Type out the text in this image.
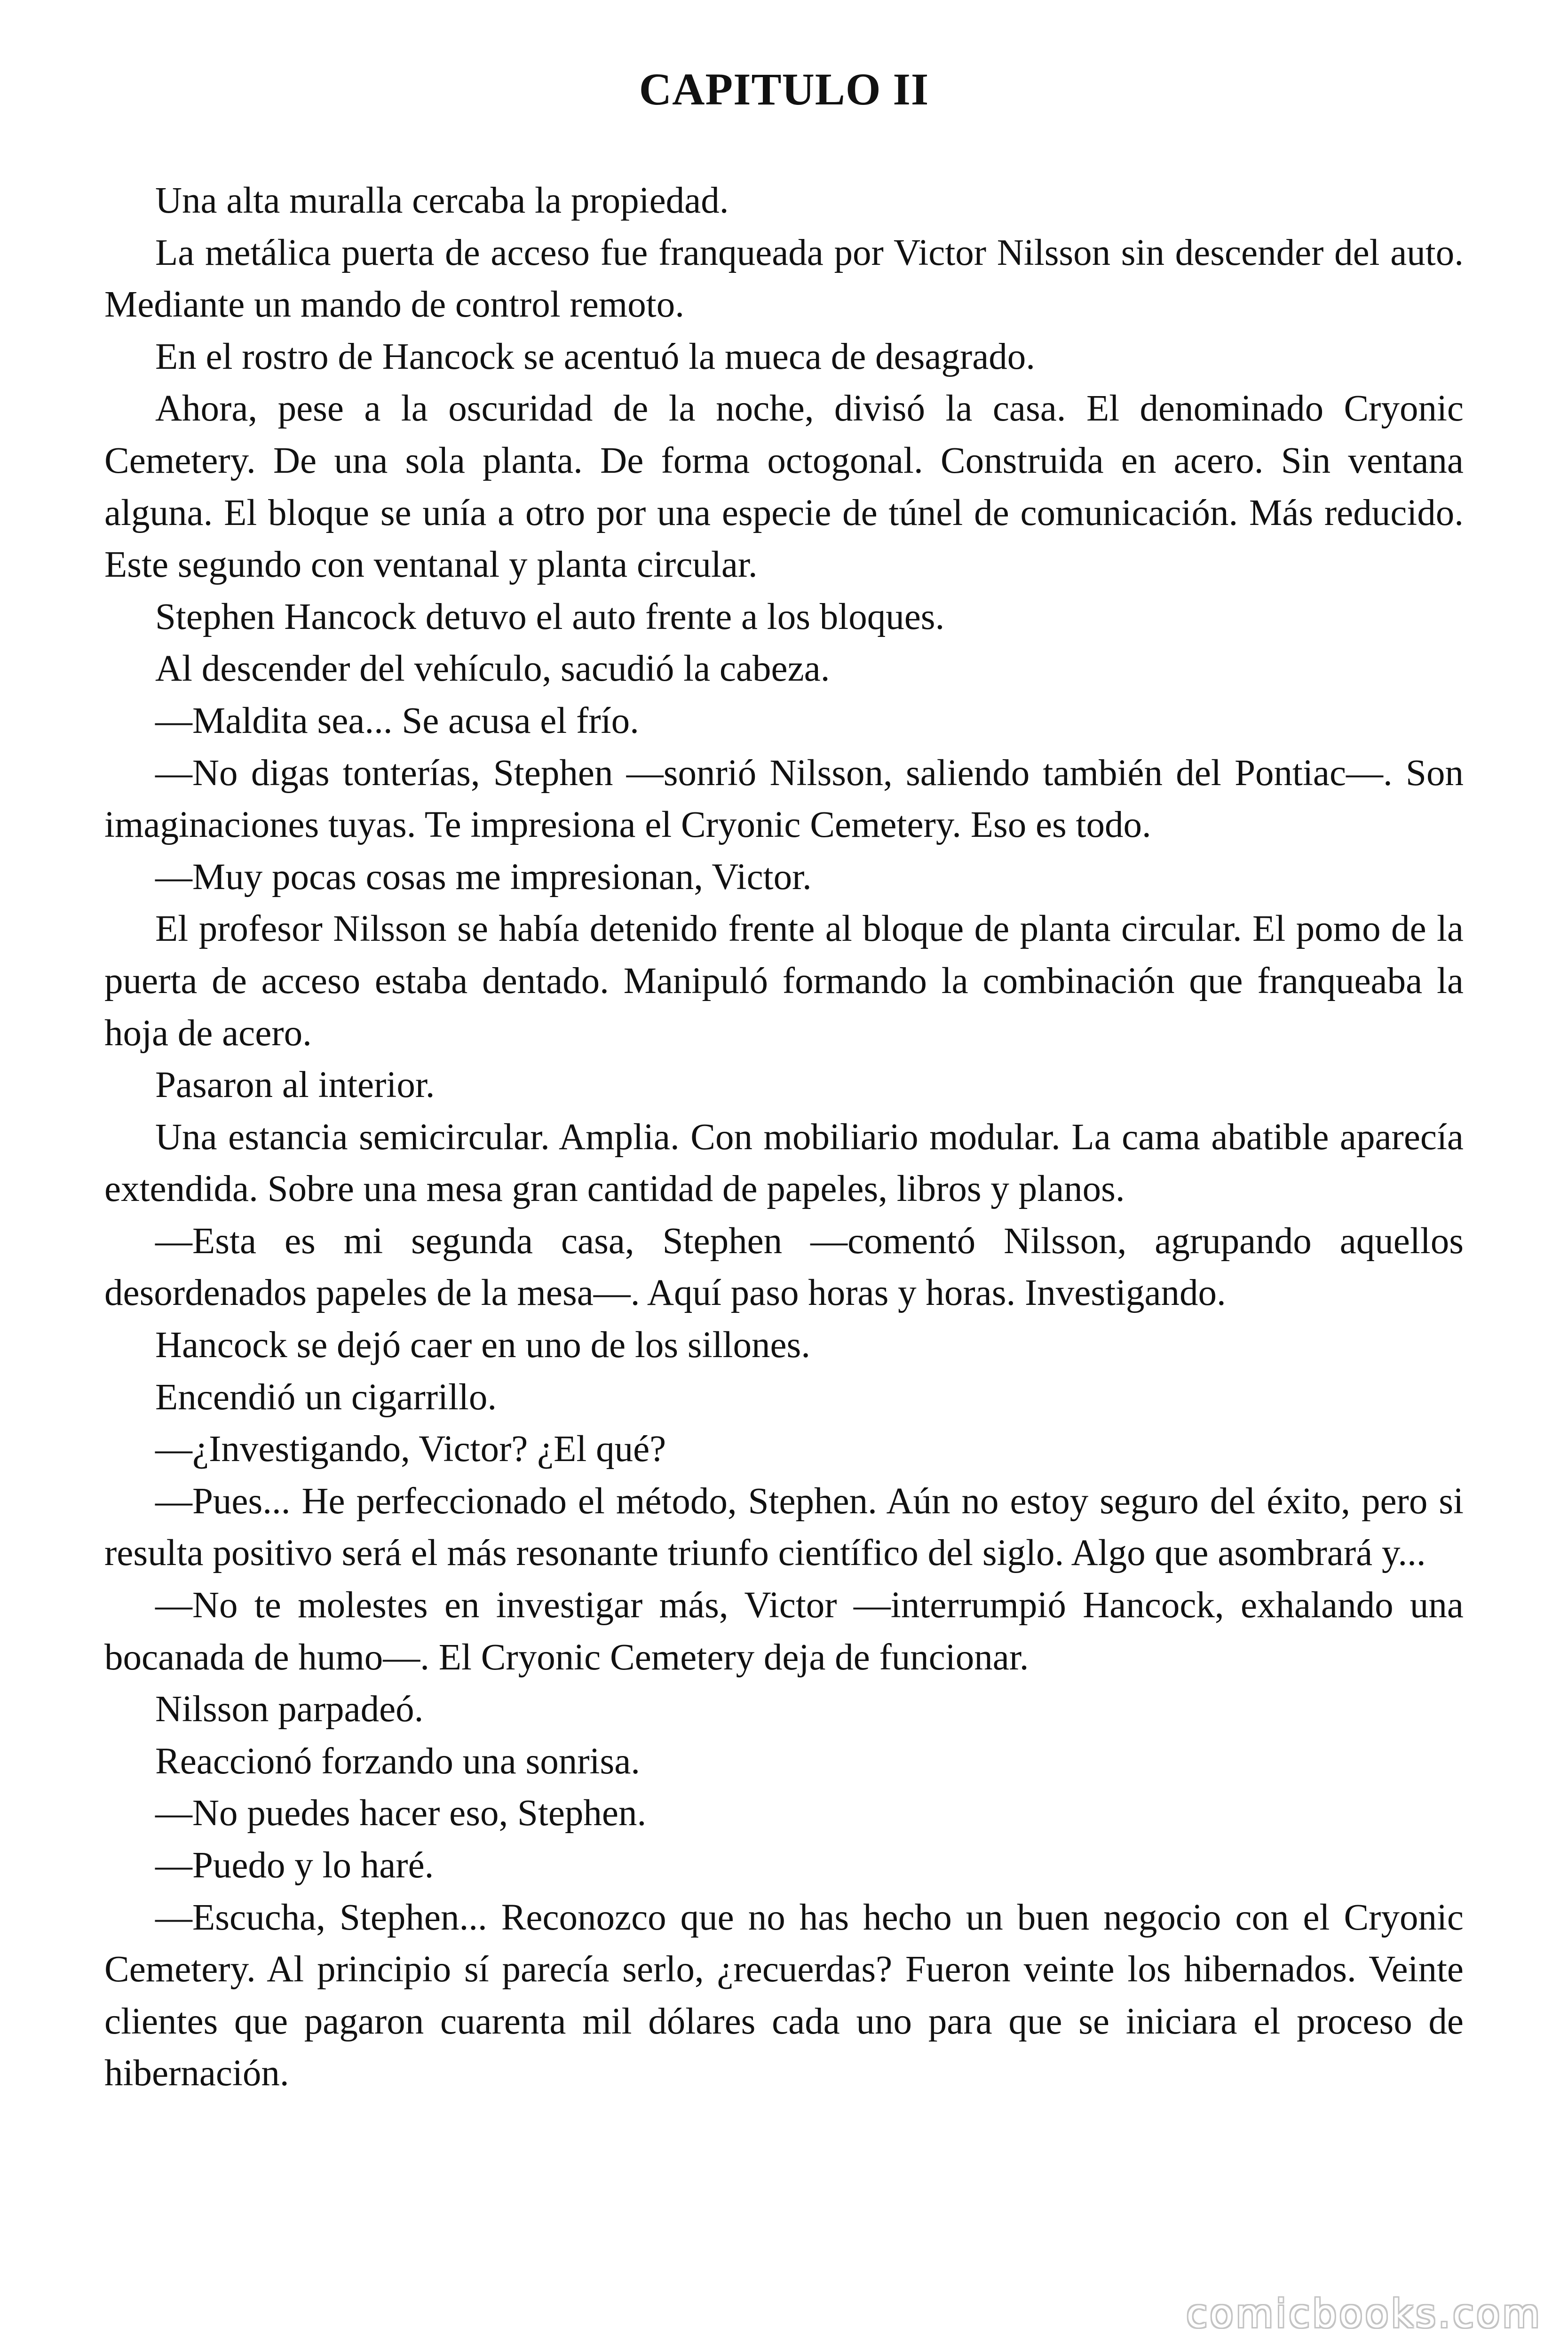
CAPITULO II

Una alta muralla cercaba la propiedad.

La metálica puerta de acceso fue franqueada por Victor Nilsson sin descender del auto. Mediante un mando de control remoto.

En el rostro de Hancock se acentuó la mueca de desagrado.

Ahora, pese a la oscuridad de la noche, divisó la casa. El denominado Cryonic Cemetery. De una sola planta. De forma octogonal. Construida en acero. Sin ventana alguna. El bloque se unía a otro por una especie de túnel de comunicación. Más reducido. Este segundo con ventanal y planta circular.

Stephen Hancock detuvo el auto frente a los bloques.

Al descender del vehículo, sacudió la cabeza.

—Maldita sea... Se acusa el frío.

—No digas tonterías, Stephen —sonrió Nilsson, saliendo también del Pontiac—. Son imaginaciones tuyas. Te impresiona el Cryonic Cemetery. Eso es todo.

—Muy pocas cosas me impresionan, Victor.

El profesor Nilsson se había detenido frente al bloque de planta circular. El pomo de la puerta de acceso estaba dentado. Manipuló formando la combinación que franqueaba la hoja de acero.

Pasaron al interior.

Una estancia semicircular. Amplia. Con mobiliario modular. La cama abatible aparecía extendida. Sobre una mesa gran cantidad de papeles, libros y planos.

—Esta es mi segunda casa, Stephen —comentó Nilsson, agrupando aquellos desordenados papeles de la mesa—. Aquí paso horas y horas. Investigando.

Hancock se dejó caer en uno de los sillones.

Encendió un cigarrillo.

—¿Investigando, Victor? ¿El qué?

—Pues... He perfeccionado el método, Stephen. Aún no estoy seguro del éxito, pero si resulta positivo será el más resonante triunfo científico del siglo. Algo que asombrará y...

—No te molestes en investigar más, Victor —interrumpió Hancock, exhalando una bocanada de humo—. El Cryonic Cemetery deja de funcionar.

Nilsson parpadeó.

Reaccionó forzando una sonrisa.

—No puedes hacer eso, Stephen.

—Puedo y lo haré.

—Escucha, Stephen... Reconozco que no has hecho un buen negocio con el Cryonic Cemetery. Al principio sí parecía serlo, ¿recuerdas? Fueron veinte los hibernados. Veinte clientes que pagaron cuarenta mil dólares cada uno para que se iniciara el proceso de hibernación.

comicbooks.com
